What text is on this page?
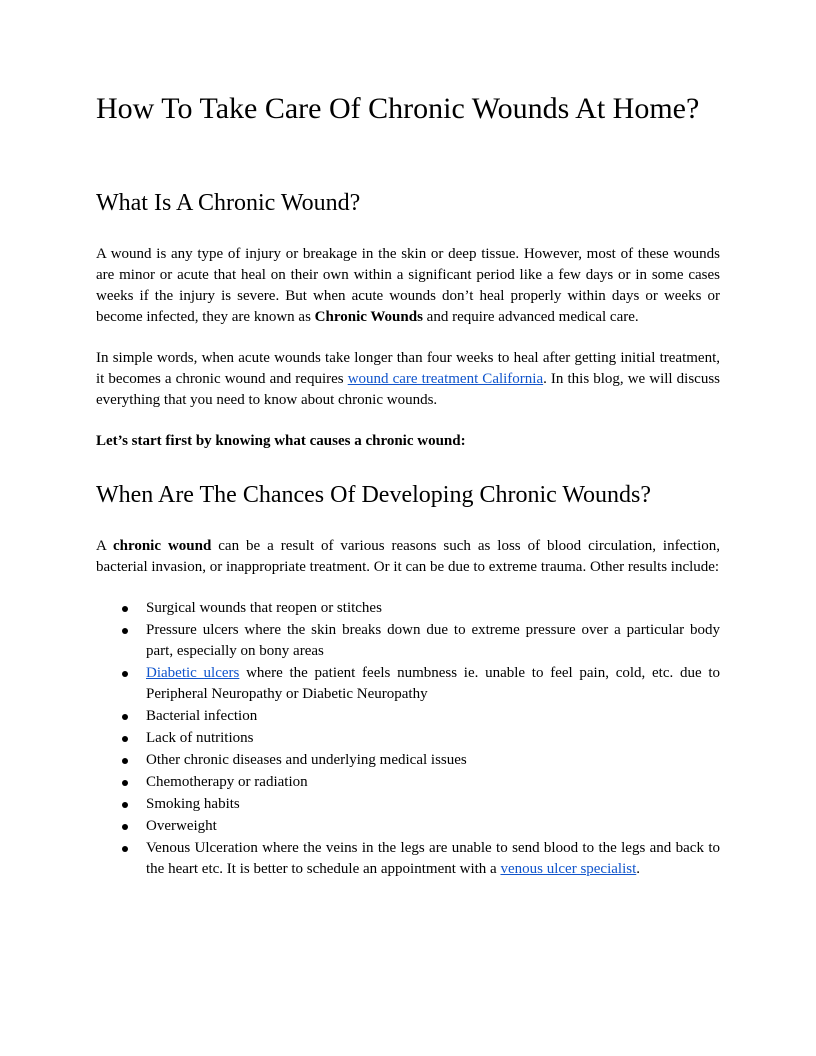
How To Take Care Of Chronic Wounds At Home?
What Is A Chronic Wound?

A wound is any type of injury or breakage in the skin or deep tissue. However, most of these wounds are minor or acute that heal on their own within a significant period like a few days or in some cases weeks if the injury is severe. But when acute wounds don’t heal properly within days or weeks or become infected, they are known as Chronic Wounds and require advanced medical care.

In simple words, when acute wounds take longer than four weeks to heal after getting initial treatment, it becomes a chronic wound and requires wound care treatment California. In this blog, we will discuss everything that you need to know about chronic wounds.

Let’s start first by knowing what causes a chronic wound:

When Are The Chances Of Developing Chronic Wounds?

A chronic wound can be a result of various reasons such as loss of blood circulation, infection, bacterial invasion, or inappropriate treatment. Or it can be due to extreme trauma. Other results include:

Surgical wounds that reopen or stitches
Pressure ulcers where the skin breaks down due to extreme pressure over a particular body part, especially on bony areas
Diabetic ulcers where the patient feels numbness ie. unable to feel pain, cold, etc. due to Peripheral Neuropathy or Diabetic Neuropathy
Bacterial infection
Lack of nutritions
Other chronic diseases and underlying medical issues
Chemotherapy or radiation
Smoking habits
Overweight
Venous Ulceration where the veins in the legs are unable to send blood to the legs and back to the heart etc. It is better to schedule an appointment with a venous ulcer specialist.
